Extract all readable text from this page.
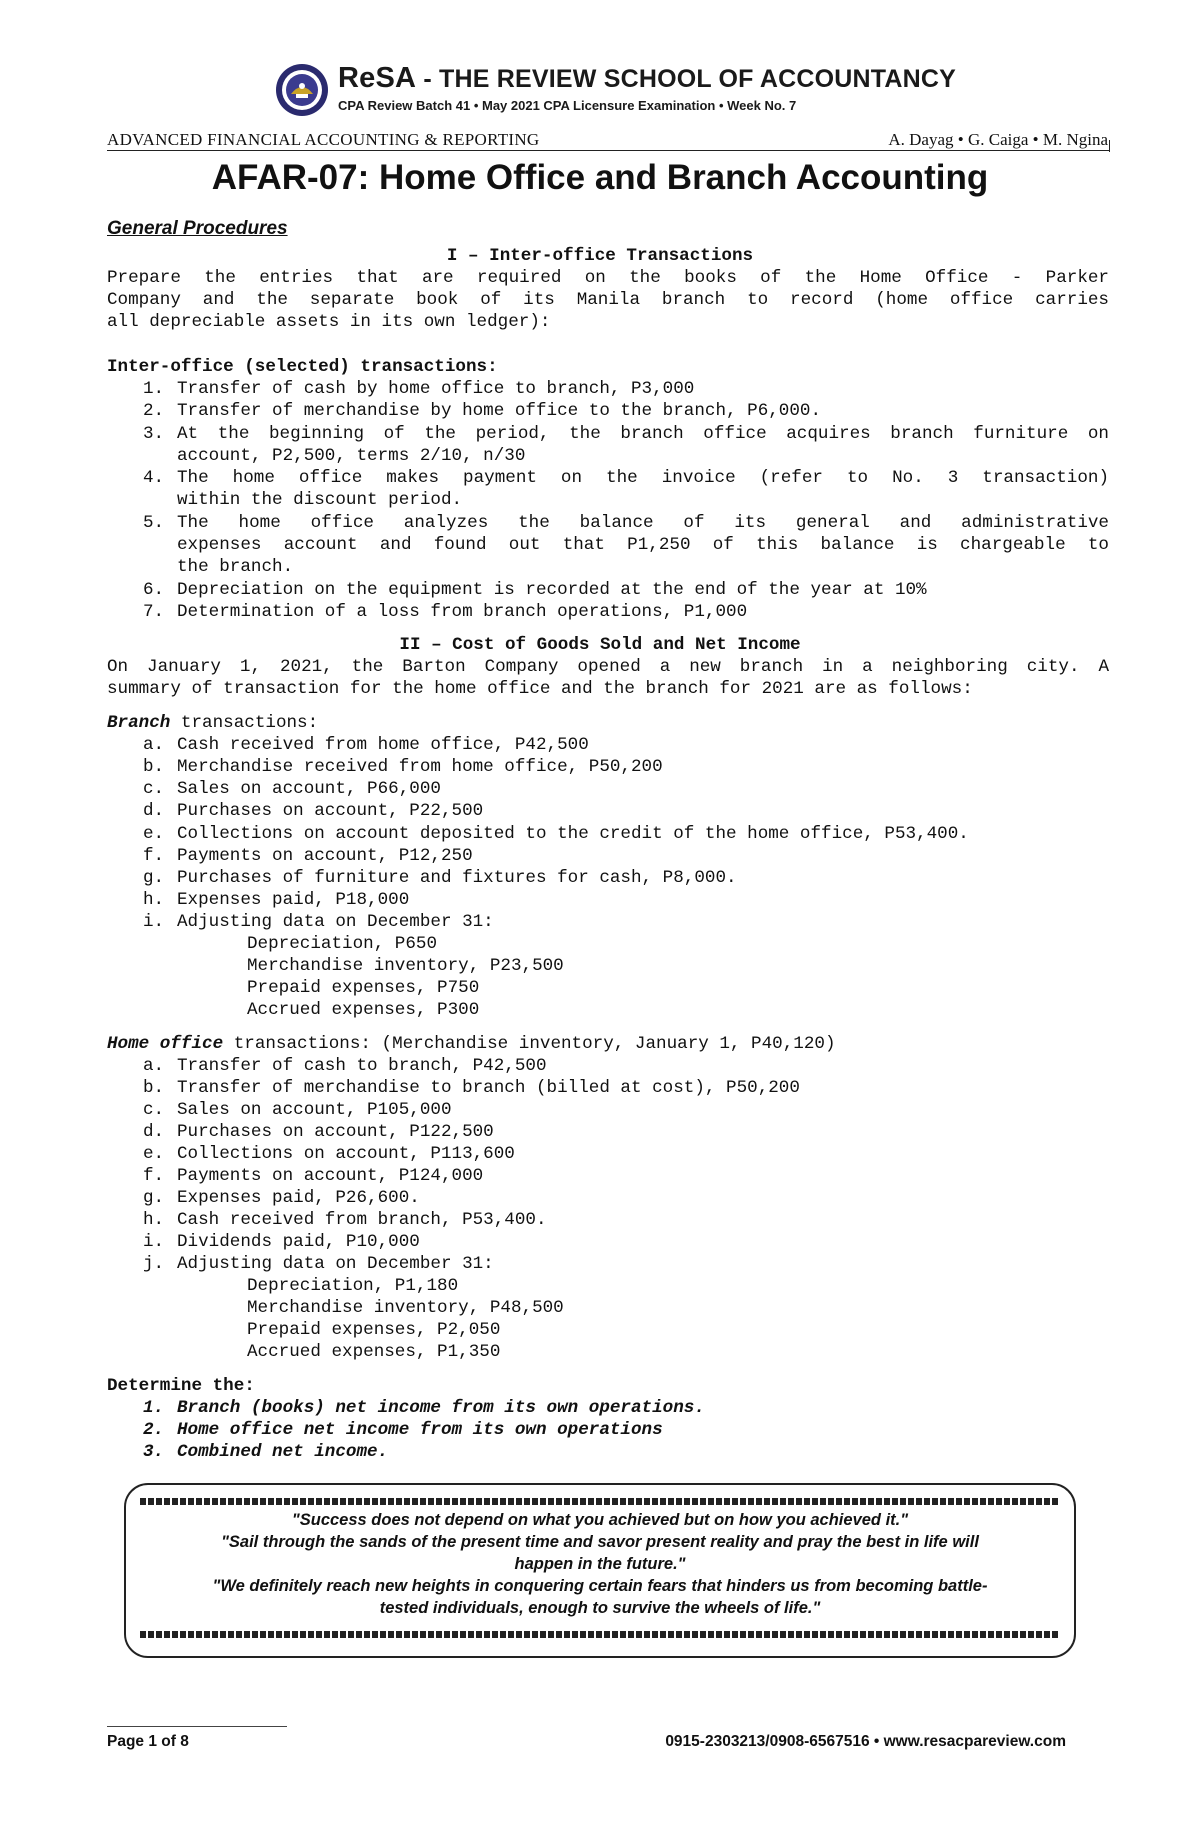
ReSA - THE REVIEW SCHOOL OF ACCOUNTANCY
CPA Review Batch 41 • May 2021 CPA Licensure Examination • Week No. 7
ADVANCED FINANCIAL ACCOUNTING & REPORTING	A. Dayag • G. Caiga • M. Ngina
AFAR-07: Home Office and Branch Accounting
General Procedures
I – Inter-office Transactions
Prepare the entries that are required on the books of the Home Office - Parker
Company and the separate book of its Manila branch to record (home office carries
all depreciable assets in its own ledger):
Inter-office (selected) transactions:
1. Transfer of cash by home office to branch, P3,000
2. Transfer of merchandise by home office to the branch, P6,000.
3. At the beginning of the period, the branch office acquires branch furniture on
account, P2,500, terms 2/10, n/30
4. The home office makes payment on the invoice (refer to No. 3 transaction)
within the discount period.
5. The home office analyzes the balance of its general and administrative
expenses account and found out that P1,250 of this balance is chargeable to
the branch.
6. Depreciation on the equipment is recorded at the end of the year at 10%
7. Determination of a loss from branch operations, P1,000
II – Cost of Goods Sold and Net Income
On January 1, 2021, the Barton Company opened a new branch in a neighboring city. A
summary of transaction for the home office and the branch for 2021 are as follows:
Branch transactions:
a. Cash received from home office, P42,500
b. Merchandise received from home office, P50,200
c. Sales on account, P66,000
d. Purchases on account, P22,500
e. Collections on account deposited to the credit of the home office, P53,400.
f. Payments on account, P12,250
g. Purchases of furniture and fixtures for cash, P8,000.
h. Expenses paid, P18,000
i. Adjusting data on December 31:
Depreciation, P650
Merchandise inventory, P23,500
Prepaid expenses, P750
Accrued expenses, P300
Home office transactions: (Merchandise inventory, January 1, P40,120)
a. Transfer of cash to branch, P42,500
b. Transfer of merchandise to branch (billed at cost), P50,200
c. Sales on account, P105,000
d. Purchases on account, P122,500
e. Collections on account, P113,600
f. Payments on account, P124,000
g. Expenses paid, P26,600.
h. Cash received from branch, P53,400.
i. Dividends paid, P10,000
j. Adjusting data on December 31:
Depreciation, P1,180
Merchandise inventory, P48,500
Prepaid expenses, P2,050
Accrued expenses, P1,350
Determine the:
1. Branch (books) net income from its own operations.
2. Home office net income from its own operations
3. Combined net income.
"Success does not depend on what you achieved but on how you achieved it."
"Sail through the sands of the present time and savor present reality and pray the best in life will
happen in the future."
"We definitely reach new heights in conquering certain fears that hinders us from becoming battle-
tested individuals, enough to survive the wheels of life."
Page 1 of 8	0915-2303213/0908-6567516 • www.resacpareview.com
